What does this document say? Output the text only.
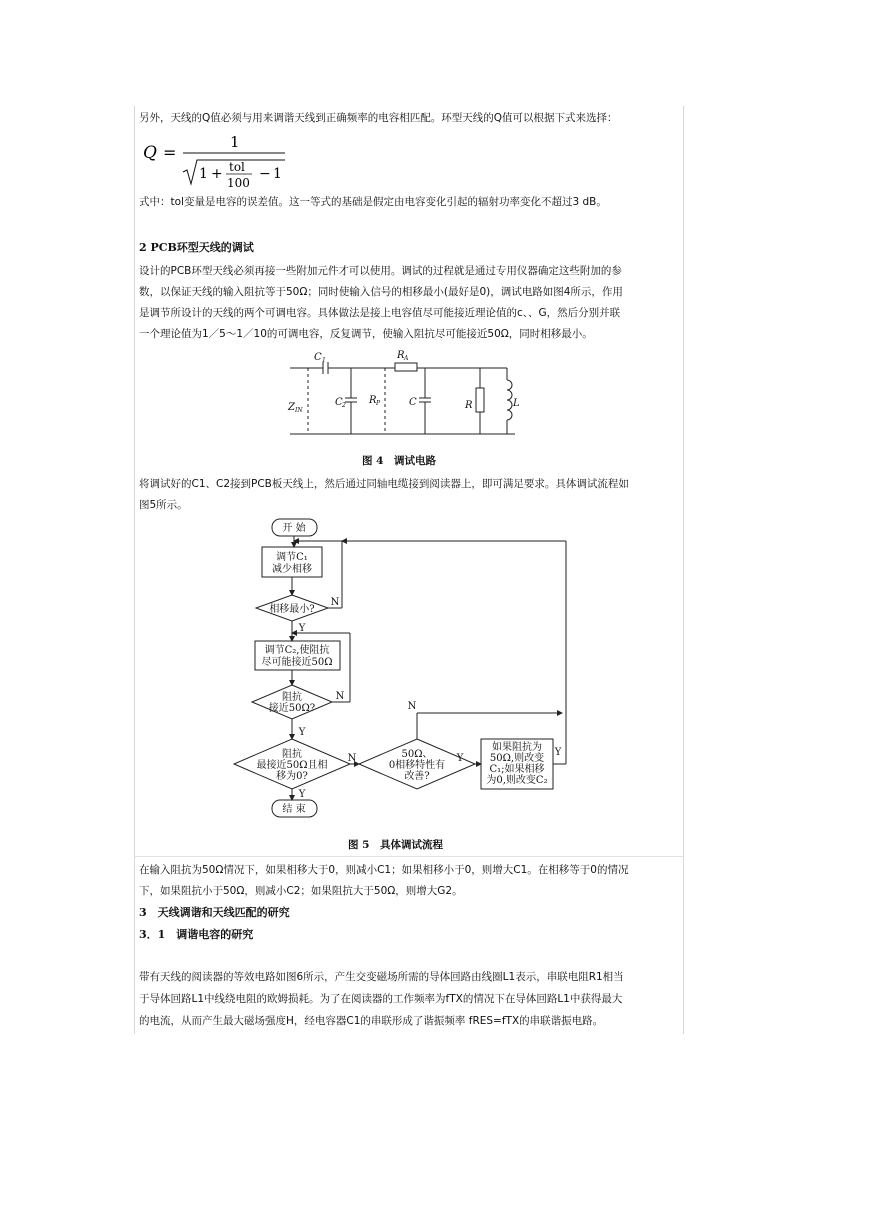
另外，天线的Q值必须与用来调谐天线到正确频率的电容相匹配。环型天线的Q值可以根据下式来选择：
Q =
1
1 + tol
100
− 1
式中：tol变量是电容的误差值。这一等式的基础是假定由电容变化引起的辐射功率变化不超过3 dB。
2 PCB环型天线的调试
设计的PCB环型天线必须再接一些附加元件才可以使用。调试的过程就是通过专用仪器确定这些附加的参
数，以保证天线的输入阻抗等于50Ω；同时使输入信号的相移最小(最好是0)，调试电路如图4所示，作用
是调节所设计的天线的两个可调电容。具体做法是接上电容值尽可能接近理论值的c、、G，然后分别并联
一个理论值为1／5～1／10的可调电容，反复调节，使输入阻抗尽可能接近50Ω，同时相移最小。
C 1
C 2
R A
R P
Z IN
C	R	L
图 4　调试电路
将调试好的C1、C2接到PCB板天线上，然后通过同轴电缆接到阅读器上，即可满足要求。具体调试流程如
图5所示。
开 始
调节C₁
减少相移
相移最小?
调节C₂,使阻抗
尽可能接近50Ω
阻抗
接近50Ω?
阻抗
最接近50Ω且相
移为0?
50Ω、
0相移特性有
改善?
如果阻抗为
50Ω,则改变
C₁;如果相移
为0,则改变C₂
结 束
N
Y
N
Y
N
Y
Y
N
Y
图 5　具体调试流程
在输入阻抗为50Ω情况下，如果相移大于0，则减小C1；如果相移小于0，则增大C1。在相移等于0的情况
下，如果阻抗小于50Ω，则减小C2；如果阻抗大于50Ω，则增大G2。
3　天线调谐和天线匹配的研究
3．1　调谐电容的研究
带有天线的阅读器的等效电路如图6所示，产生交变磁场所需的导体回路由线圈L1表示，串联电阻R1相当
于导体回路L1中线绕电阻的欧姆损耗。为了在阅读器的工作频率为fTX的情况下在导体回路L1中获得最大
的电流，从而产生最大磁场强度H，经电容器C1的串联形成了谐振频率 fRES=fTX的串联谐振电路。
